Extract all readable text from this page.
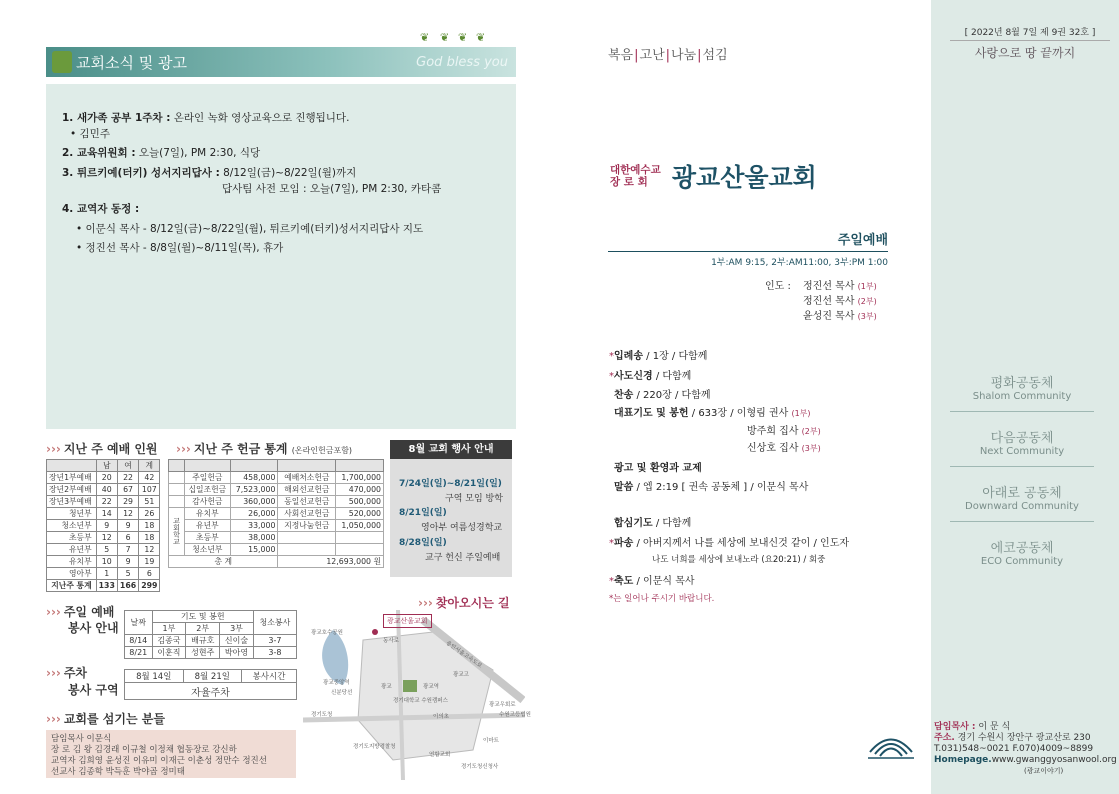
교회소식 및 광고	God bless you
❦ ❦ ❦ ❦
1. 새가족 공부 1주차 : 온라인 녹화 영상교육으로 진행됩니다.
• 김민주
2. 교육위원회 : 오늘(7일), PM 2:30, 식당
3. 튀르키예(터키) 성서지리답사 : 8/12일(금)~8/22일(월)까지
답사팀 사전 모임 : 오늘(7일), PM 2:30, 카타콤
4. 교역자 동정 :
• 이문식 목사 - 8/12일(금)~8/22일(월), 튀르키예(터키)성서지리답사 지도
• 정진선 목사 - 8/8일(월)~8/11일(목), 휴가
››› 지난 주 예배 인원
	남	여	계
장년1부예배	20	22	42
장년2부예배	40	67	107
장년3부예배	22	29	51
청년부	14	12	26
청소년부	9	9	18
초등부	12	6	18
유년부	5	7	12
유치부	10	9	19
영아부	1	5	6
지난주 통계	133	166	299
››› 지난 주 헌금 통계 (온라인헌금포함)

	주일헌금	458,000	예배처소헌금	1,700,000
	십일조헌금	7,523,000	해외선교헌금	470,000
	감사헌금	360,000	동일선교헌금	500,000
교회학교	유치부	26,000	사회선교헌금	520,000
	유년부	33,000	지정나눔헌금	1,050,000
	초등부	38,000		
	청소년부	15,000		
총 계			12,693,000 원	
8월 교회 행사 안내
7/24일(일)~8/21일(일)
구역 모임 방학
8/21일(일)
영아부 여름성경학교
8/28일(일)
교구 헌신 주일예배
››› 주일 예배
봉사 안내 날짜	기도 및 봉헌			청소봉사
	1부	2부	3부	
8/14	김종국	배규호	신이술	3-7
8/21	이훈직	성현주	박아영	3-8
››› 주차
봉사 구역
8월 14일	8월 21일	봉사시간
자율주차
››› 교회를 섬기는 분들
담임목사 이문식
장 로 김 왕 김경래 이규철 이정채 협동장로 강신하
교역자 김희영 윤성진 이유미 이재근 이춘성 정만수 정진선
선교사 김종학 박득훈 박야곱 정미태
››› 찾아오시는 길
광교산울교회
광교호수공원
동사로
광교중앙역
신분당선
경기도청
광교
경기대학교 수원캠퍼스
경기도지방경찰청
광교역
용인서울고속도로
광교우회로
수원고등법원
이의초
광교고
이마트
연합교회
경기도청신청사
복음|고난|나눔|섬김
대한예수교
장 로 회 광교산울교회
주일예배
1부:AM 9:15, 2부:AM11:00, 3부:PM 1:00
인도 : 정진선 목사 (1부)
정진선 목사 (2부)
윤성진 목사 (3부)
*입례송 / 1장 / 다함께
*사도신경 / 다함께
찬송 / 220장 / 다함께
대표기도 및 봉헌 / 633장 / 이형림 권사 (1부)
방주희 집사 (2부)
신상호 집사 (3부)
광고 및 환영과 교제
말씀 / 엡 2:19 [ 권속 공동체 ] / 이문식 목사
합심기도 / 다함께
*파송 / 아버지께서 나를 세상에 보내신것 같이 / 인도자
나도 너희를 세상에 보내노라 (요20:21) / 회중
*축도 / 이문식 목사
*는 일어나 주시기 바랍니다.
[ 2022년 8월 7일 제 9권 32호 ]
사랑으로 땅 끝까지
평화공동체
Shalom Community
다음공동체
Next Community
아래로 공동체
Downward Community
에코공동체
ECO Community
담임목사 : 이 문 식
주소. 경기 수원시 장안구 광교산로 230
T.031)548~0021 F.070)4009~8899
Homepage.www.gwanggyosanwool.org
(광교이야기)
